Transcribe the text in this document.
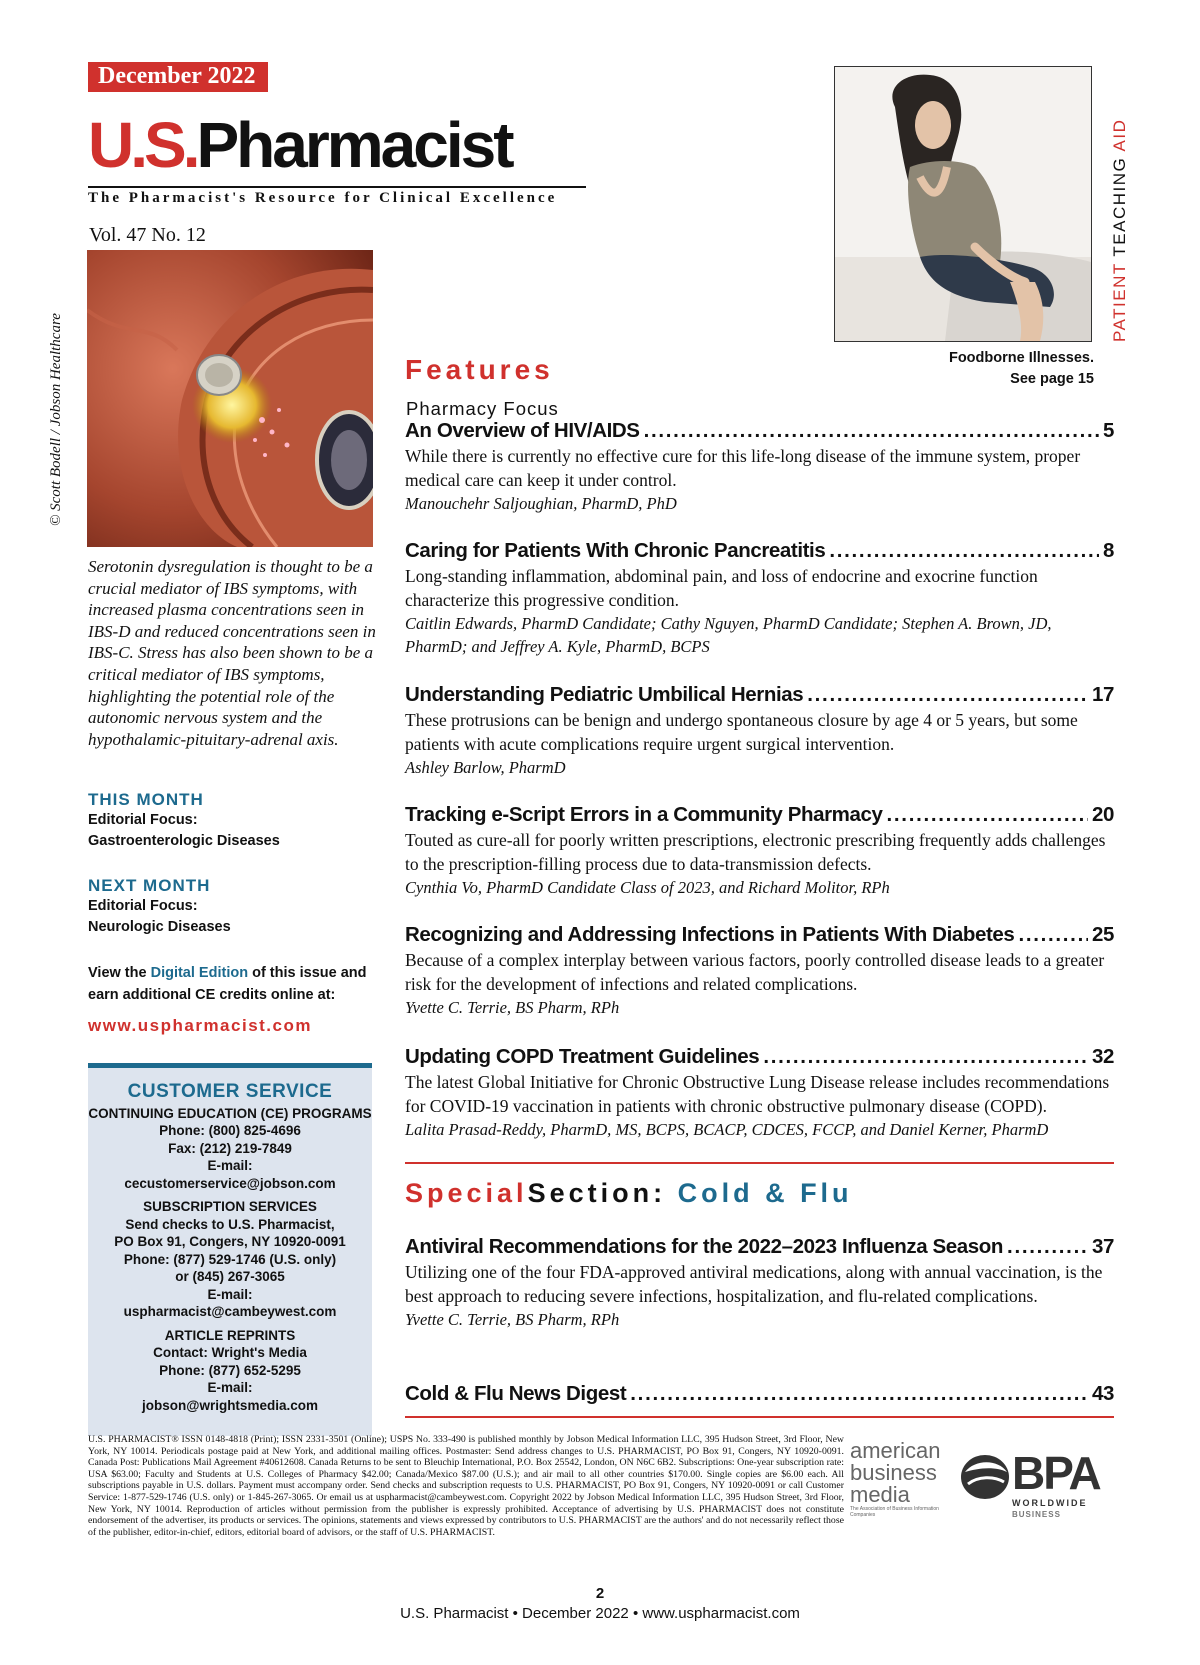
December 2022
U.S.Pharmacist
The Pharmacist's Resource for Clinical Excellence
Vol. 47 No. 12
© Scott Bodell / Jobson Healthcare
Serotonin dysregulation is thought to be a crucial mediator of IBS symptoms, with increased plasma concentrations seen in IBS-D and reduced concentrations seen in IBS-C. Stress has also been shown to be a critical mediator of IBS symptoms, highlighting the potential role of the autonomic nervous system and the hypothalamic-pituitary-adrenal axis.
THIS MONTH
Editorial Focus:
Gastroenterologic Diseases
NEXT MONTH
Editorial Focus:
Neurologic Diseases
View the Digital Edition of this issue and earn additional CE credits online at:
www.uspharmacist.com
CUSTOMER SERVICE
CONTINUING EDUCATION (CE) PROGRAMS
Phone: (800) 825-4696
Fax: (212) 219-7849
E-mail:
cecustomerservice@jobson.com
SUBSCRIPTION SERVICES
Send checks to U.S. Pharmacist,
PO Box 91, Congers, NY 10920-0091
Phone: (877) 529-1746 (U.S. only)
or (845) 267-3065
E-mail:
uspharmacist@cambeywest.com
ARTICLE REPRINTS
Contact: Wright's Media
Phone: (877) 652-5295
E-mail:
jobson@wrightsmedia.com
PATIENT TEACHING AID
Foodborne Illnesses.
See page 15
Features
Pharmacy Focus
An Overview of HIV/AIDS . . .	5
While there is currently no effective cure for this life-long disease of the immune system, proper medical care can keep it under control.
Manouchehr Saljoughian, PharmD, PhD
Caring for Patients With Chronic Pancreatitis . . .	8
Long-standing inflammation, abdominal pain, and loss of endocrine and exocrine function characterize this progressive condition.
Caitlin Edwards, PharmD Candidate; Cathy Nguyen, PharmD Candidate; Stephen A. Brown, JD, PharmD; and Jeffrey A. Kyle, PharmD, BCPS
Understanding Pediatric Umbilical Hernias . . .	17
These protrusions can be benign and undergo spontaneous closure by age 4 or 5 years, but some patients with acute complications require urgent surgical intervention.
Ashley Barlow, PharmD
Tracking e-Script Errors in a Community Pharmacy . . .	20
Touted as cure-all for poorly written prescriptions, electronic prescribing frequently adds challenges to the prescription-filling process due to data-transmission defects.
Cynthia Vo, PharmD Candidate Class of 2023, and Richard Molitor, RPh
Recognizing and Addressing Infections in Patients With Diabetes . . .	25
Because of a complex interplay between various factors, poorly controlled disease leads to a greater risk for the development of infections and related complications.
Yvette C. Terrie, BS Pharm, RPh
Updating COPD Treatment Guidelines . . .	32
The latest Global Initiative for Chronic Obstructive Lung Disease release includes recommendations for COVID-19 vaccination in patients with chronic obstructive pulmonary disease (COPD).
Lalita Prasad-Reddy, PharmD, MS, BCPS, BCACP, CDCES, FCCP, and Daniel Kerner, PharmD
SpecialSection: Cold & Flu
Antiviral Recommendations for the 2022–2023 Influenza Season . . .	37
Utilizing one of the four FDA-approved antiviral medications, along with annual vaccination, is the best approach to reducing severe infections, hospitalization, and flu-related complications.
Yvette C. Terrie, BS Pharm, RPh
Cold & Flu News Digest . . .	43
U.S. PHARMACIST® ISSN 0148-4818 (Print); ISSN 2331-3501 (Online); USPS No. 333-490 is published monthly by Jobson Medical Information LLC, 395 Hudson Street, 3rd Floor, New York, NY 10014. Periodicals postage paid at New York, and additional mailing offices. Postmaster: Send address changes to U.S. PHARMACIST, PO Box 91, Congers, NY 10920-0091. Canada Post: Publications Mail Agreement #40612608. Canada Returns to be sent to Bleuchip International, P.O. Box 25542, London, ON N6C 6B2. Subscriptions: One-year subscription rate: USA $63.00; Faculty and Students at U.S. Colleges of Pharmacy $42.00; Canada/Mexico $87.00 (U.S.); and air mail to all other countries $170.00. Single copies are $6.00 each. All subscriptions payable in U.S. dollars. Payment must accompany order. Send checks and subscription requests to U.S. PHARMACIST, PO Box 91, Congers, NY 10920-0091 or call Customer Service: 1-877-529-1746 (U.S. only) or 1-845-267-3065. Or email us at uspharmacist@cambeywest.com. Copyright 2022 by Jobson Medical Information LLC, 395 Hudson Street, 3rd Floor, New York, NY 10014. Reproduction of articles without permission from the publisher is expressly prohibited. Acceptance of advertising by U.S. PHARMACIST does not constitute endorsement of the advertiser, its products or services. The opinions, statements and views expressed by contributors to U.S. PHARMACIST are the authors' and do not necessarily reflect those of the publisher, editor-in-chief, editors, editorial board of advisors, or the staff of U.S. PHARMACIST.
american
business
media
The Association of Business Information Companies
BPA
WORLDWIDE
BUSINESS
2
U.S. Pharmacist • December 2022 • www.uspharmacist.com
